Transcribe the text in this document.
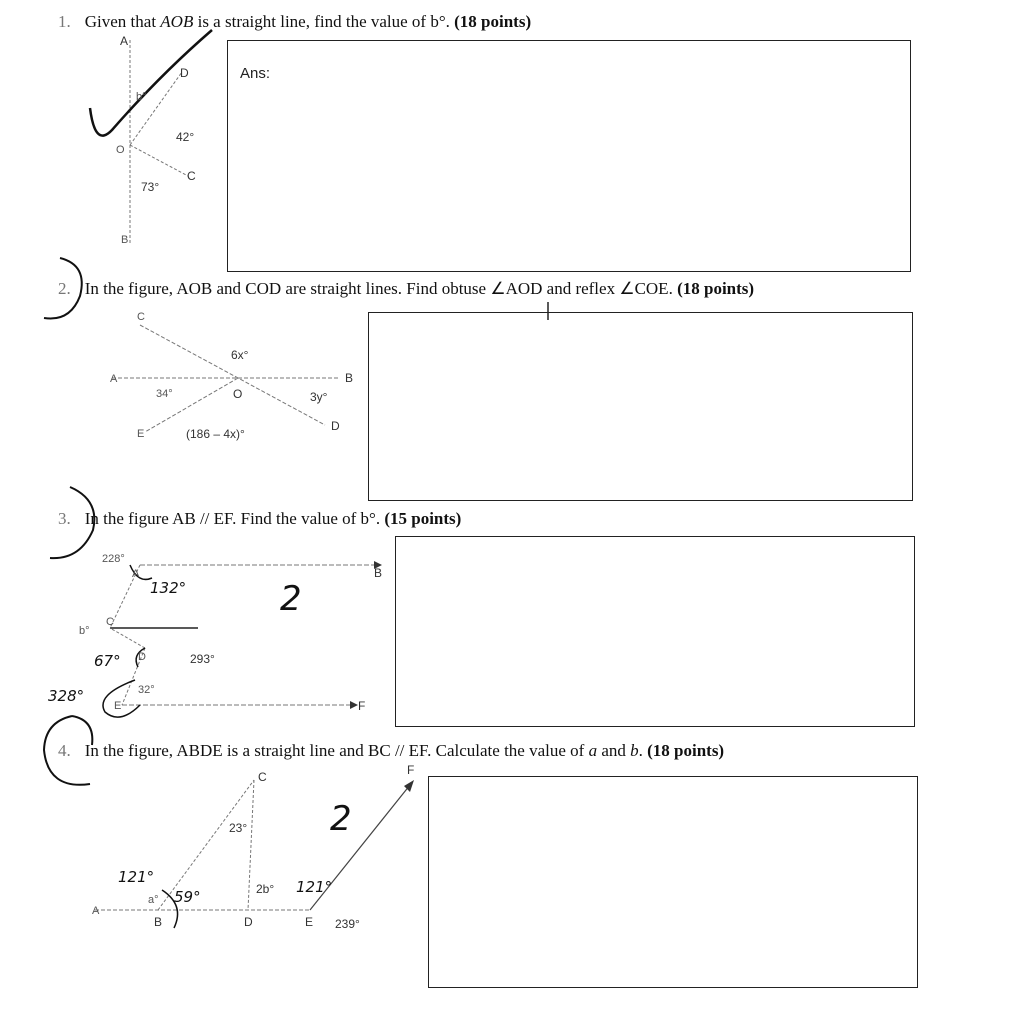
1. Given that AOB is a straight line, find the value of b°. (18 points)
Ans:
2. In the figure, AOB and COD are straight lines. Find obtuse ∠AOD and reflex ∠COE. (18 points)
3. In the figure AB // EF. Find the value of b°. (15 points)
4. In the figure, ABDE is a straight line and BC // EF. Calculate the value of a and b. (18 points)
A
D
O
C
B
b°
42°
73°
C
A	B
O
D
E
6x°
34°	3y°
(186 – 4x)°
228°
A	B
C
b°
D
E	F
293°
32°
132°
67°
328°
2
A
B
C
D	E
F
a°
23°
2b°
239°
121°
59°
121°
2
